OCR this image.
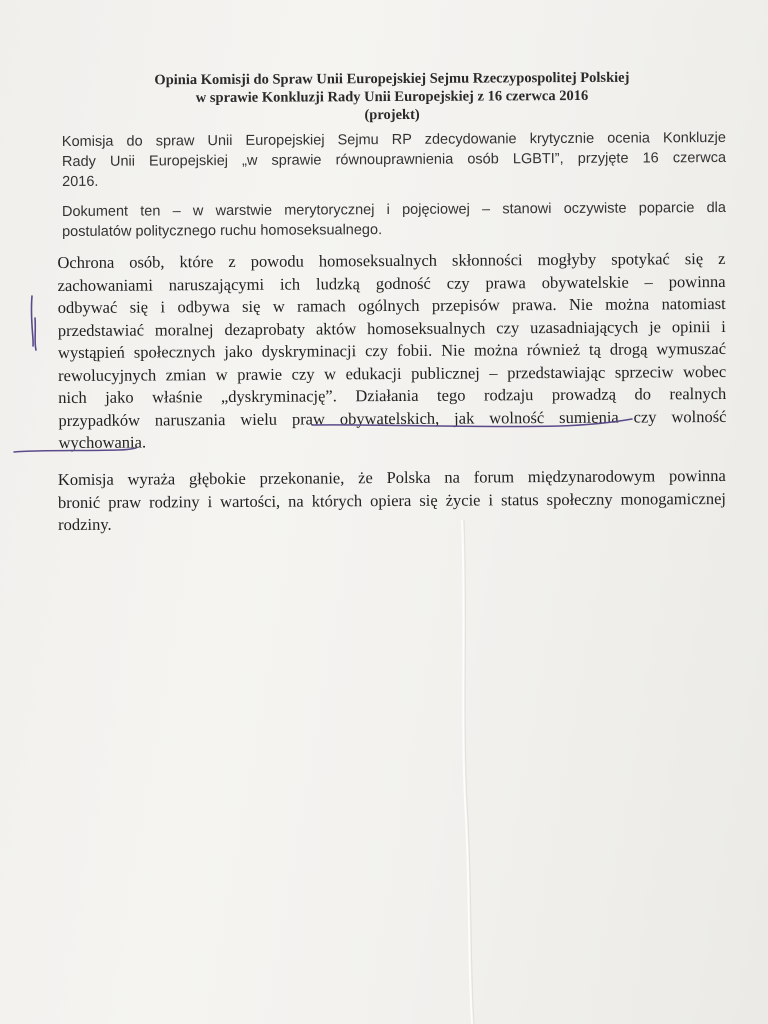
Opinia Komisji do Spraw Unii Europejskiej Sejmu Rzeczypospolitej Polskiej
w sprawie Konkluzji Rady Unii Europejskiej z 16 czerwca 2016
(projekt)
Komisja do spraw Unii Europejskiej Sejmu RP zdecydowanie krytycznie ocenia Konkluzje
Rady Unii Europejskiej „w sprawie równouprawnienia osób LGBTI”, przyjęte 16 czerwca
2016.
Dokument ten – w warstwie merytorycznej i pojęciowej – stanowi oczywiste poparcie dla
postulatów politycznego ruchu homoseksualnego.
Ochrona osób, które z powodu homoseksualnych skłonności mogłyby spotykać się z
zachowaniami naruszającymi ich ludzką godność czy prawa obywatelskie – powinna
odbywać się i odbywa się w ramach ogólnych przepisów prawa. Nie można natomiast
przedstawiać moralnej dezaprobaty aktów homoseksualnych czy uzasadniających je opinii i
wystąpień społecznych jako dyskryminacji czy fobii. Nie można również tą drogą wymuszać
rewolucyjnych zmian w prawie czy w edukacji publicznej – przedstawiając sprzeciw wobec
nich jako właśnie „dyskryminację”. Działania tego rodzaju prowadzą do realnych
przypadków naruszania wielu praw obywatelskich, jak wolność sumienia czy wolność
wychowania.
Komisja wyraża głębokie przekonanie, że Polska na forum międzynarodowym powinna
bronić praw rodziny i wartości, na których opiera się życie i status społeczny monogamicznej
rodziny.
